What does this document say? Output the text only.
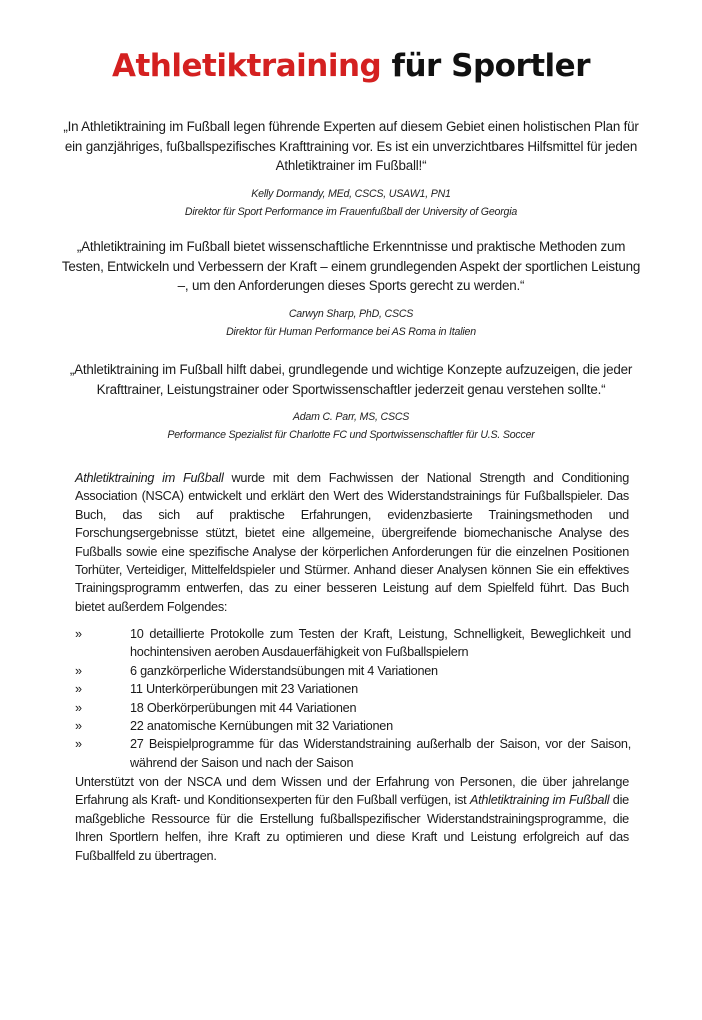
Athletiktraining für Sportler

„In Athletiktraining im Fußball legen führende Experten auf diesem Gebiet einen holistischen Plan für ein ganzjähriges, fußballspezifisches Krafttraining vor. Es ist ein unverzichtbares Hilfsmittel für jeden Athletiktrainer im Fußball!“

Kelly Dormandy, MEd, CSCS, USAW1, PN1

Direktor für Sport Performance im Frauenfußball der University of Georgia

„Athletiktraining im Fußball bietet wissenschaftliche Erkenntnisse und praktische Methoden zum Testen, Entwickeln und Verbessern der Kraft – einem grundlegenden Aspekt der sportlichen Leistung –, um den Anforderungen dieses Sports gerecht zu werden.“

Carwyn Sharp, PhD, CSCS

Direktor für Human Performance bei AS Roma in Italien

„Athletiktraining im Fußball hilft dabei, grundlegende und wichtige Konzepte aufzuzeigen, die jeder Krafttrainer, Leistungstrainer oder Sportwissenschaftler jederzeit genau verstehen sollte.“

Adam C. Parr, MS, CSCS

Performance Spezialist für Charlotte FC und Sportwissenschaftler für U.S. Soccer

Athletiktraining im Fußball wurde mit dem Fachwissen der National Strength and Conditioning Association (NSCA) entwickelt und erklärt den Wert des Widerstandstrainings für Fußballspieler. Das Buch, das sich auf praktische Erfahrungen, evidenzbasierte Trainingsmethoden und Forschungsergebnisse stützt, bietet eine allgemeine, übergreifende biomechanische Analyse des Fußballs sowie eine spezifische Analyse der körperlichen Anforderungen für die einzelnen Positionen Torhüter, Verteidiger, Mittelfeldspieler und Stürmer. Anhand dieser Analysen können Sie ein effektives Trainingsprogramm entwerfen, das zu einer besseren Leistung auf dem Spielfeld führt. Das Buch bietet außerdem Folgendes:

»	10 detaillierte Protokolle zum Testen der Kraft, Leistung, Schnelligkeit, Beweglichkeit und hochintensiven aeroben Ausdauerfähigkeit von Fußballspielern
»	6 ganzkörperliche Widerstandsübungen mit 4 Variationen
»	11 Unterkörperübungen mit 23 Variationen
»	18 Oberkörperübungen mit 44 Variationen
»	22 anatomische Kernübungen mit 32 Variationen
»	27 Beispielprogramme für das Widerstandstraining außerhalb der Saison, vor der Saison, während der Saison und nach der Saison

Unterstützt von der NSCA und dem Wissen und der Erfahrung von Personen, die über jahrelange Erfahrung als Kraft- und Konditionsexperten für den Fußball verfügen, ist Athletiktraining im Fußball die maßgebliche Ressource für die Erstellung fußballspezifischer Widerstandstrainingsprogramme, die Ihren Sportlern helfen, ihre Kraft zu optimieren und diese Kraft und Leistung erfolgreich auf das Fußballfeld zu übertragen.
